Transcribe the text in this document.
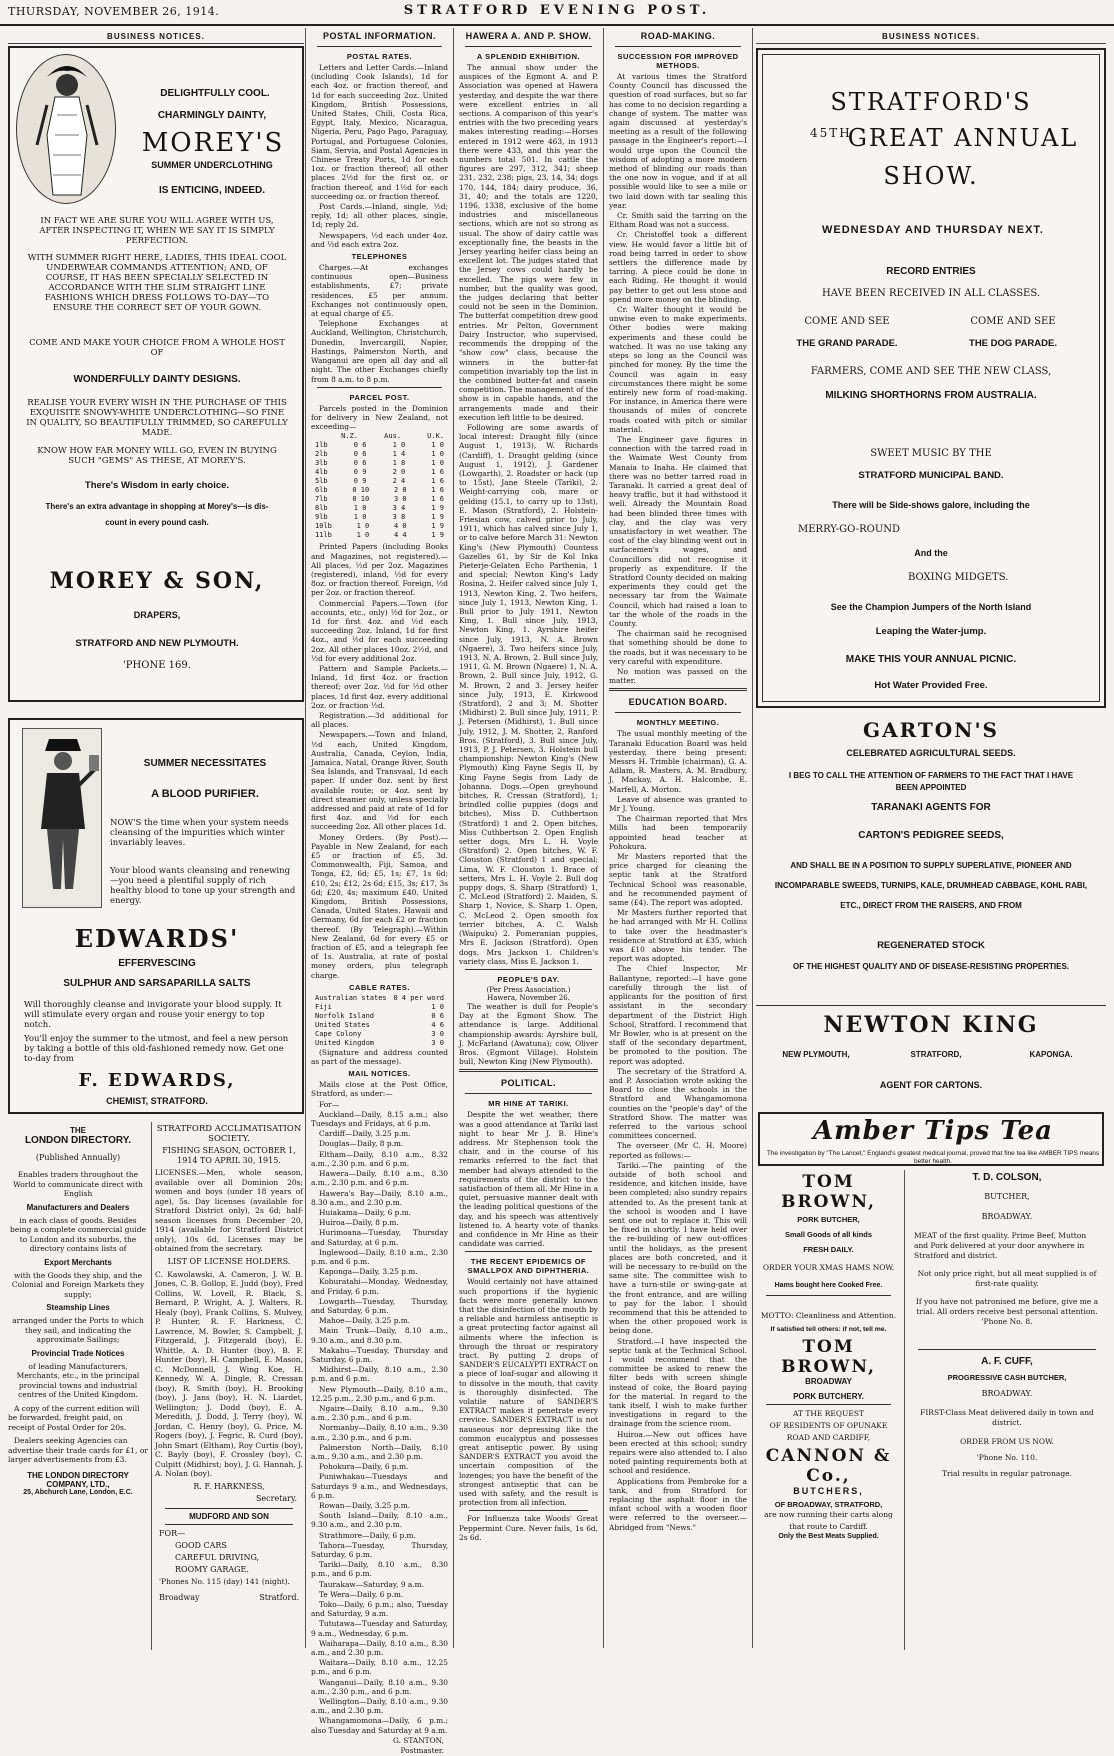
THURSDAY, NOVEMBER 26, 1914.	STRATFORD EVENING POST.
BUSINESS NOTICES.
DELIGHTFULLY COOL.
CHARMINGLY DAINTY,
MOREY'S
SUMMER UNDERCLOTHING
IS ENTICING, INDEED.
IN FACT WE ARE SURE YOU WILL AGREE WITH US, AFTER INSPECTING IT, WHEN WE SAY IT IS SIMPLY PERFECTION.
WITH SUMMER RIGHT HERE, LADIES, THIS IDEAL COOL UNDERWEAR COMMANDS ATTENTION; AND, OF COURSE, IT HAS BEEN SPECIALLY SELECTED IN ACCORDANCE WITH THE SLIM STRAIGHT LINE FASHIONS WHICH DRESS FOLLOWS TO-DAY—TO ENSURE THE CORRECT SET OF YOUR GOWN.
COME AND MAKE YOUR CHOICE FROM A WHOLE HOST OF
WONDERFULLY DAINTY DESIGNS.
REALISE YOUR EVERY WISH IN THE PURCHASE OF THIS EXQUISITE SNOWY-WHITE UNDERCLOTHING—SO FINE IN QUALITY, SO BEAUTIFULLY TRIMMED, SO CAREFULLY MADE.
KNOW HOW FAR MONEY WILL GO, EVEN IN BUYING SUCH "GEMS" AS THESE, AT MOREY'S.
There's Wisdom in early choice.
There's an extra advantage in shopping at Morey's—is dis-
count in every pound cash.
MOREY & SON,
DRAPERS,
STRATFORD AND NEW PLYMOUTH.
'PHONE 169.
SUMMER NECESSITATES
A BLOOD PURIFIER.
NOW'S the time when your system needs cleansing of the impurities which winter invariably leaves.
Your blood wants cleansing and renewing—you need a plentiful supply of rich healthy blood to tone up your strength and energy.
EDWARDS'
EFFERVESCING
SULPHUR AND SARSAPARILLA SALTS
Will thoroughly cleanse and invigorate your blood supply. It will stimulate every organ and rouse your energy to top notch.
You'll enjoy the summer to the utmost, and feel a new person by taking a bottle of this old-fashioned remedy now. Get one to-day from
F. EDWARDS,
CHEMIST, STRATFORD.
THE
LONDON DIRECTORY.
(Published Annually)
Enables traders throughout the World to communicate direct with English
Manufacturers and Dealers
in each class of goods. Besides being a complete commercial guide to London and its suburbs, the directory contains lists of
Export Merchants
with the Goods they ship, and the Colonial and Foreign Markets they supply;
Steamship Lines
arranged under the Ports to which they sail, and indicating the approximate Sailings;
Provincial Trade Notices
of leading Manufacturers, Merchants, etc., in the principal provincial towns and industrial centres of the United Kingdom.
A copy of the current edition will be forwarded, freight paid, on receipt of Postal Order for 20s.
Dealers seeking Agencies can advertise their trade cards for £1, or larger advertisements from £3.
THE LONDON DIRECTORY COMPANY, LTD.,
25, Abchurch Lane, London, E.C.
STRATFORD ACCLIMATISATION SOCIETY.
FISHING SEASON, OCTOBER 1, 1914 TO APRIL 30, 1915.
LICENSES.—Men, whole season, available over all Dominion 20s; women and boys (under 18 years of age), 5s. Day licenses (available for Stratford District only), 2s 6d; half-season licenses from December 20, 1914 (available for Stratford District only), 10s 6d. Licenses may be obtained from the secretary.
LIST OF LICENSE HOLDERS.
C. Kawolawski, A. Cameron, J. W. B. Jones, C. B. Gollop, E. Judd (boy), Fred Collins, W. Lovell, R. Black, S. Bernard, P. Wright, A. J. Walters, R. Healy (boy), Frank Collins, S. Mulvey, P. Hunter, R. F. Harkness, C. Lawrence, M. Bowler, S. Campbell, J. Fitzgerald, J. Fitzgerald (boy), E. Whittle, A. D. Hunter (boy), B. F. Hunter (boy), H. Campbell, E. Mason, C. McDonnell, J. Wing Koe, H. Kennedy, W. A. Dingle, R. Cressan (boy), R. Smith (boy), H. Brooking (boy), J. Jans (boy), H. N. Liardet, Wellington; J. Dodd (boy), E. A. Meredith, J. Dodd, J. Terry (boy), W. Jordan, C. Henry (boy), G. Price, M. Rogers (boy), J. Fegric, R. Curd (boy), John Smart (Eltham), Roy Curtis (boy), C. Bayly (boy), F. Crossley (boy), C. Culpitt (Midhirst; boy), J. G. Hannah, J. A. Nolan (boy).
R. F. HARKNESS,
Secretary.
MUDFORD AND SON
FOR—
GOOD CARS
CAREFUL DRIVING,
ROOMY GARAGE.
'Phones No. 115 (day) 141 (night).
Broadway	Stratford.
POSTAL INFORMATION.
POSTAL RATES.

Letters and Letter Cards.—Inland (including Cook Islands), 1d for each 4oz. or fraction thereof, and 1d for each succeeding 2oz. United Kingdom, British Possessions, United States, Chili, Costa Rica, Egypt, Italy, Mexico, Nicaragua, Nigeria, Peru, Pago Pago, Paraguay, Portugal, and Portuguese Colonies, Siam, Servia, and Postal Agencies in Chinese Treaty Ports, 1d for each 1oz. or fraction thereof; all other places 2½d for the first oz. or fraction thereof, and 1½d for each succeeding oz. or fraction thereof.

Post Cards.—Inland, single, ½d; reply, 1d; all other places, single, 1d; reply 2d.

Newspapers, ½d each under 4oz. and ½d each extra 2oz.

TELEPHONES

Charges.—At exchanges continuous open—Business establishments, £7; private residences, £5 per annum. Exchanges not continuously open, at equal charge of £5.

Telephone Exchanges at Auckland, Wellington, Christchurch, Dunedin, Invercargill, Napier, Hastings, Palmerston North, and Wanganui are open all day and all night. The other Exchanges chiefly from 8 a.m. to 8 p.m.

PARCEL POST.

Parcels posted in the Dominion for delivery in New Zealand, not exceeding—

N.Z.	Aus.	U.K.
1lb	0 6	1 0	1 0
2lb	0 6	1 4	1 0
3lb	0 6	1 8	1 0
4lb	0 9	2 0	1 6
5lb	0 9	2 4	1 6
6lb	0 10	2 8	1 6
7lb	0 10	3 0	1 6
8lb	1 0	3 4	1 9
9lb	1 0	3 8	1 9
10lb	1 0	4 0	1 9
11lb	1 0	4 4	1 9

Printed Papers (including Books and Magazines, not registered).—All places, ½d per 2oz. Magazines (registered), inland, ½d for every 8oz. or fraction thereof. Foreign, ½d per 2oz. or fraction thereof.

Commercial Papers.—Town (for accounts, etc., only) ½d for 2oz., or 1d for first 4oz. and ½d each succeeding 2oz. Inland, 1d for first 4oz., and ½d for each succeeding 2oz. All other places 10oz. 2½d, and ½d for every additional 2oz.

Pattern and Sample Packets.—Inland, 1d first 4oz. or fraction thereof; over 2oz. ½d for ½d other places, 1d first 4oz. every additional 2oz. or fraction ½d.

Registration.—3d additional for all places.

Newspapers.—Town and Inland, ½d each, United Kingdom, Australia, Canada, Ceylon, India, Jamaica, Natal, Orange River, South Sea Islands, and Transvaal, 1d each paper. If under 8oz. sent by first available route; or 4oz. sent by direct steamer only, unless specially addressed and paid at rate of 1d for first 4oz. and ½d for each succeeding 2oz. All other places 1d.

Money Orders. (By Post).—Payable in New Zealand, for each £5 or fraction of £5, 3d. Commonwealth, Fiji, Samoa, and Tonga, £2, 6d; £5, 1s; £7, 1s 6d; £10, 2s; £12, 2s 6d; £15, 3s; £17, 3s 6d; £20, 4s; maximum £40. United Kingdom, British Possessions, Canada, United States, Hawaii and Germany, 6d for each £2 or fraction thereof. (By Telegraph).—Within New Zealand, 6d for every £5 or fraction of £5, and a telegraph fee of 1s. Australia, at rate of postal money orders, plus telegraph charge.

CABLE RATES.
Australian states 0 4 per word
Fiji	1 0
Norfolk Island	0 6
United States	4 6
Cape Colony	3 0
United Kingdom	3 0

(Signature and address counted as part of the message).

MAIL NOTICES.

Mails close at the Post Office, Stratford, as under:—

For—

Auckland—Daily, 8.15 a.m.; also Tuesdays and Fridays, at 6 p.m.

Cardiff—Daily, 3.25 p.m.

Douglas—Daily, 8 p.m.

Eltham—Daily, 8.10 a.m., 8.32 a.m., 2.30 p.m. and 6 p.m.

Hawera—Daily, 8.10 a.m., 8.30 a.m., 2.30 p.m. and 6 p.m.

Hawera's Bay—Daily, 8.10 a.m., 8.30 a.m., and 2.30 p.m.

Huiakama—Daily, 6 p.m.

Huiroa—Daily, 8 p.m.

Hurimoana—Tuesday, Thursday and Saturday, at 6 p.m.

Inglewood—Daily, 8.10 a.m., 2.30 p.m. and 6 p.m.

Kaponga—Daily, 3.25 p.m.

Kohuratahi—Monday, Wednesday, and Friday, 6 p.m.

Lowgarth—Tuesday, Thursday, and Saturday, 6 p.m.

Mahoe—Daily, 3.25 p.m.

Main Trunk—Daily, 8.10 a.m., 9.30 a.m., and 8.30 p.m.

Makahu—Tuesday, Thursday and Saturday, 6 p.m.

Midhirst—Daily, 8.10 a.m., 2.30 p.m. and 6 p.m.

New Plymouth—Daily, 8.10 a.m., 12.25 p.m., 2.30 p.m., and 6 p.m.

Ngaire—Daily, 8.10 a.m., 9.30 a.m., 2.30 p.m., and 6 p.m.

Normanby—Daily, 8.10 a.m., 9.30 a.m., 2.30 p.m., and 6 p.m.

Palmerston North—Daily, 8.10 a.m., 9.30 a.m., and 2.30 p.m.

Pohokura—Daily, 6 p.m.

Puniwhakau—Tuesdays and Saturdays 9 a.m., and Wednesdays, 6 p.m.

Rowan—Daily, 3.25 p.m.

South Island—Daily, 8.10 a.m., 9.30 a.m., and 2.30 p.m.

Strathmore—Daily, 6 p.m.

Tahora—Tuesday, Thursday, Saturday, 6 p.m.

Tariki—Daily, 8.10 a.m., 8.30 p.m., and 6 p.m.

Taurakaw—Saturday, 9 a.m.

Te Wera—Daily, 6 p.m.

Toko—Daily, 6 p.m.; also, Tuesday and Saturday, 9 a.m.

Tututawa—Tuesday and Saturday, 9 a.m., Wednesday, 6 p.m.

Waiharapa—Daily, 8.10 a.m., 8.30 a.m., and 2.30 p.m.

Waitara—Daily, 8.10 a.m., 12.25 p.m., and 6 p.m.

Wanganui—Daily, 8.10 a.m., 9.30 a.m., 2.30 p.m., and 6 p.m.

Wellington—Daily, 8.10 a.m., 9.30 a.m., and 2.30 p.m.

Whangamomona—Daily, 6 p.m.; also Tuesday and Saturday at 9 a.m.

G. STANTON,
Postmaster.
HAWERA A. AND P. SHOW.
A SPLENDID EXHIBITION.

The annual show under the auspices of the Egmont A. and P. Association was opened at Hawera yesterday, and despite the war there were excellent entries in all sections. A comparison of this year's entries with the two preceding years makes interesting reading:—Horses entered in 1912 were 463, in 1913 there were 433, and this year the numbers total 501. In cattle the figures are 297, 312, 341; sheep 231, 232, 238; pigs, 23, 14, 34; dogs 170, 144, 184; dairy produce, 36, 31, 40; and the totals are 1220, 1196, 1338, exclusive of the home industries and miscellaneous sections, which are not so strong as usual. The show of dairy cattle was exceptionally fine, the beasts in the Jersey yearling heifer class being an excellent lot. The judges stated that the Jersey cows could hardly be excelled. The pigs were few in number, but the quality was good, the judges declaring that better could not be seen in the Dominion. The butterfat competition drew good entries. Mr Pelton, Government Dairy Instructor, who supervised, recommends the dropping of the "show cow" class, because the winners in the butter-fat competition invariably top the list in the combined butter-fat and casein competition. The management of the show is in capable hands, and the arrangements made and their execution left little to be desired.

Following are some awards of local interest: Draught filly (since August 1, 1913), W. Richards (Cardiff), 1. Draught gelding (since August 1, 1912), J. Gardener (Lowgarth), 2. Roadster or hack (up to 15st), Jane Steele (Tariki), 2. Weight-carrying cob, mare or gelding (15.1, to carry up to 13st), E. Mason (Stratford), 2. Holstein-Friesian cow, calved prior to July, 1911, which has calved since July 1, or to calve before March 31: Newton King's (New Plymouth) Countess Gazelles 61, by Sir de Kol Inka Pieterje-Gelaten Echo Parthenia, 1 and special; Newton King's Lady Rosina, 2. Heifer calved since July 1, 1913, Newton King, 2. Two heifers, since July 1, 1913, Newton King, 1. Bull prior to July 1911, Newton King, 1. Bull since July, 1913, Newton King, 1. Ayrshire heifer since July, 1913, N. A. Brown (Ngaere), 3. Two heifers since July, 1913, N. A. Brown, 2. Bull since July, 1911, G. M. Brown (Ngaere) 1, N. A. Brown, 2. Bull since July, 1912, G. M. Brown, 2 and 3. Jersey heifer since July, 1913, E. Kirkwood (Stratford), 2 and 3; M. Shotter (Midhirst) 2. Bull since July, 1911, P. J. Petersen (Midhirst), 1. Bull since July, 1912, J. M. Shotter, 2, Ranford Bros. (Stratford), 3. Bull since July, 1913, P. J. Petersen, 3. Holstein bull championship: Newton King's (New Plymouth) King Fayne Segis II, by King Fayne Segis from Lady de Johanna. Dogs.—Open greyhound bitches, R. Cressan (Stratford), 1; brindled collie puppies (dogs and bitches), Miss D. Cuthbertson (Stratford) 1 and 2. Open bitches, Miss Cuthbertson 2. Open English setter dogs, Mrs L. H. Voyle (Stratford) 2. Open bitches, W. F. Clouston (Stratford) 1 and special; Lima, W. F. Clouston 1. Brace of setters, Mrs L. H. Voyle 2. Bull dog puppy dogs, S. Sharp (Stratford) 1, C. McLeod (Stratford) 2. Maiden, S. Sharp 1, Novice, S. Sharp 1. Open, C. McLeod 2. Open smooth fox terrier bitches, A. C. Walsh (Waipuku) 2. Pomeranian puppies, Mrs E. Jackson (Stratford). Open dogs, Mrs Jackson 1. Children's variety class, Miss E. Jackson 1.

PEOPLE'S DAY.
(Per Press Association.)
Hawera, November 26.

The weather is dull for People's Day at the Egmont Show. The attendance is large. Additional championship awards: Ayrshire bull, J. McFarland (Awatuna); cow, Oliver Bros. (Egmont Village). Holstein bull, Newton King (New Plymouth).

POLITICAL.
MR HINE AT TARIKI.

Despite the wet weather, there was a good attendance at Tariki last night to hear Mr J. B. Hine's address. Mr Stephenson took the chair, and in the course of his remarks referred to the fact that member had always attended to the requirements of the district to the satisfaction of them all. Mr Hine in a quiet, persuasive manner dealt with the leading political questions of the day, and his speech was attentively listened to. A hearty vote of thanks and confidence in Mr Hine as their candidate was carried.

THE RECENT EPIDEMICS OF SMALLPOX AND DIPHTHERIA.

Would certainly not have attained such proportions if the hygienic facts were more generally known that the disinfection of the mouth by a reliable and harmless antiseptic is a great protecting factor against all ailments where the infection is through the throat or respiratory tract. By putting 2 drops of SANDER'S EUCALYPTI EXTRACT on a piece of loaf-sugar and allowing it to dissolve in the mouth, that cavity is thoroughly disinfected. The volatile nature of SANDER'S EXTRACT makes it penetrate every crevice. SANDER'S EXTRACT is not nauseous nor depressing like the common eucalyptus and possesses great antiseptic power. By using SANDER'S EXTRACT you avoid the uncertain composition of the lozenges; you have the benefit of the strongest antiseptic that can be used with safety, and the result is protection from all infection.

For Influenza take Woods' Great Peppermint Cure. Never fails, 1s 6d, 2s 6d.

ROAD-MAKING.
SUCCESSION FOR IMPROVED METHODS.

At various times the Stratford County Council has discussed the question of road surfaces, but so far has come to no decision regarding a change of system. The matter was again discussed at yesterday's meeting as a result of the following passage in the Engineer's report:—I would urge upon the Council the wisdom of adopting a more modern method of blinding our roads than the one now in vogue, and if at all possible would like to see a mile or two laid down with tar sealing this year.

Cr. Smith said the tarring on the Eltham Road was not a success.

Cr. Christoffel took a different view. He would favor a little bit of road being tarred in order to show settlers the difference made by tarring. A piece could be done in each Riding. He thought it would pay better to get out less stone and spend more money on the blinding.

Cr. Walter thought it would be unwise even to make experiments. Other bodies were making experiments and these could be watched. It was no use taking any steps so long as the Council was pinched for money. By the time the Council was again in easy circumstances there might be some entirely new form of road-making. For instance, in America there were thousands of miles of concrete roads coated with pitch or similar material.

The Engineer gave figures in connection with the tarred road in the Waimate West County from Manaia to Inaha. He claimed that there was no better tarred road in Taranaki. It carried a great deal of heavy traffic, but it had withstood it well. Already the Mountain Road had been blinded three times with clay, and the clay was very unsatisfactory in wet weather. The cost of the clay blinding went out in surfacemen's wages, and Councillors did not recognise it properly as expenditure. If the Stratford County decided on making experiments they could get the necessary tar from the Waimate Council, which had raised a loan to tar the whole of the roads in the County.

The chairman said he recognised that something should be done to the roads, but it was necessary to be very careful with expenditure.

No motion was passed on the matter.

EDUCATION BOARD.
MONTHLY MEETING.

The usual monthly meeting of the Taranaki Education Board was held yesterday, there being present: Messrs H. Trimble (chairman), G. A. Adlam, R. Masters, A. M. Bradbury, J. Mackay, A. H. Halcombe, E. Marfell, A. Morton.

Leave of absence was granted to Mr J. Young.

The Chairman reported that Mrs Mills had been temporarily appointed head teacher at Pohokura.

Mr Masters reported that the price charged for cleaning the septic tank at the Stratford Technical School was reasonable, and he recommended payment of same (£4). The report was adopted.

Mr Masters further reported that he had arranged with Mr H. Collins to take over the headmaster's residence at Stratford at £35, which was £10 above his tender. The report was adopted.

The Chief Inspector, Mr Ballantyne, reported:—I have gone carefully through the list of applicants for the position of first assistant in the secondary department of the District High School, Stratford. I recommend that Mr Bowler, who is at present on the staff of the secondary department, be promoted to the position. The report was adopted.

The secretary of the Stratford A. and P. Association wrote asking the Board to close the schools in the Stratford and Whangamomona counties on the "people's day" of the Stratford Show. The matter was referred to the various school committees concerned.

The overseer (Mr C. H. Moore) reported as follows:—

Tariki.—The painting of the outside of both school and residence, and kitchen inside, have been completed; also sundry repairs attended to. As the present tank at the school is wooden and I have sent one out to replace it. This will be fixed in shortly. I have held over the re-building of new out-offices until the holidays, as the present places are both concreted, and it will be necessary to re-build on the same site. The committee wish to have a turn-stile or swing-gate at the front entrance, and are willing to pay for the labor. I should recommend that this be attended to when the other proposed work is being done.

Stratford.—I have inspected the septic tank at the Technical School. I would recommend that the committee be asked to renew the filter beds with screen shingle instead of coke, the Board paying for the material. In regard to the tank itself, I wish to make further investigations in regard to the drainage from the science room.

Huiroa.—New out offices have been erected at this school; sundry repairs were also attended to. I also noted painting requirements both at school and residence.

Applications from Pembroke for a tank, and from Stratford for replacing the asphalt floor in the infant school with a wooden floor were referred to the overseer.—Abridged from "News."

BUSINESS NOTICES.
STRATFORD'S
45TH
GREAT ANNUAL
SHOW.
WEDNESDAY AND THURSDAY NEXT.
RECORD ENTRIES
HAVE BEEN RECEIVED IN ALL CLASSES.
COME AND SEE
THE GRAND PARADE.
COME AND SEE
THE DOG PARADE.
FARMERS, COME AND SEE THE NEW CLASS,
MILKING SHORTHORNS FROM AUSTRALIA.
SWEET MUSIC BY THE
STRATFORD MUNICIPAL BAND.
There will be Side-shows galore, including the
MERRY-GO-ROUND
And the
BOXING MIDGETS.
See the Champion Jumpers of the North Island
Leaping the Water-jump.
MAKE THIS YOUR ANNUAL PICNIC.
Hot Water Provided Free.
GARTON'S
CELEBRATED AGRICULTURAL SEEDS.
I BEG TO CALL THE ATTENTION OF FARMERS TO THE FACT THAT I HAVE BEEN APPOINTED
TARANAKI AGENTS FOR
CARTON'S PEDIGREE SEEDS,
AND SHALL BE IN A POSITION TO SUPPLY SUPERLATIVE, PIONEER AND INCOMPARABLE SWEEDS, TURNIPS, KALE, DRUMHEAD CABBAGE, KOHL RABI, ETC., DIRECT FROM THE RAISERS, AND FROM
REGENERATED STOCK
OF THE HIGHEST QUALITY AND OF DISEASE-RESISTING PROPERTIES.
NEWTON KING
NEW PLYMOUTH,	STRATFORD,	KAPONGA.
AGENT FOR CARTONS.
Amber Tips Tea
The investigation by "The Lancet," England's greatest medical journal, proved that fine tea like AMBER TIPS means better health.
TOM BROWN,
PORK BUTCHER,
Small Goods of all kinds
FRESH DAILY.
ORDER YOUR XMAS HAMS NOW.
Hams bought here Cooked Free.
MOTTO: Cleanliness and Attention.
If satisfied tell others: if not, tell me.
TOM BROWN,
BROADWAY
PORK BUTCHERY.
AT THE REQUEST
OF RESIDENTS OF OPUNAKE
ROAD AND CARDIFF,
CANNON & Co.,
BUTCHERS,
OF BROADWAY, STRATFORD,
are now running their carts along
that route to Cardiff.
Only the Best Meats Supplied.
T. D. COLSON,
BUTCHER,
BROADWAY.
MEAT of the first quality. Prime Beef, Mutton and Pork delivered at your door anywhere in Stratford and district.
Not only price right, but all meat supplied is of first-rate quality.
If you have not patronised me before, give me a trial. All orders receive best personal attention. 'Phone No. 8.
A. F. CUFF,
PROGRESSIVE CASH BUTCHER,
BROADWAY.
FIRST-Class Meat delivered daily in town and district.
ORDER FROM US NOW.
'Phone No. 110.
Trial results in regular patronage.
